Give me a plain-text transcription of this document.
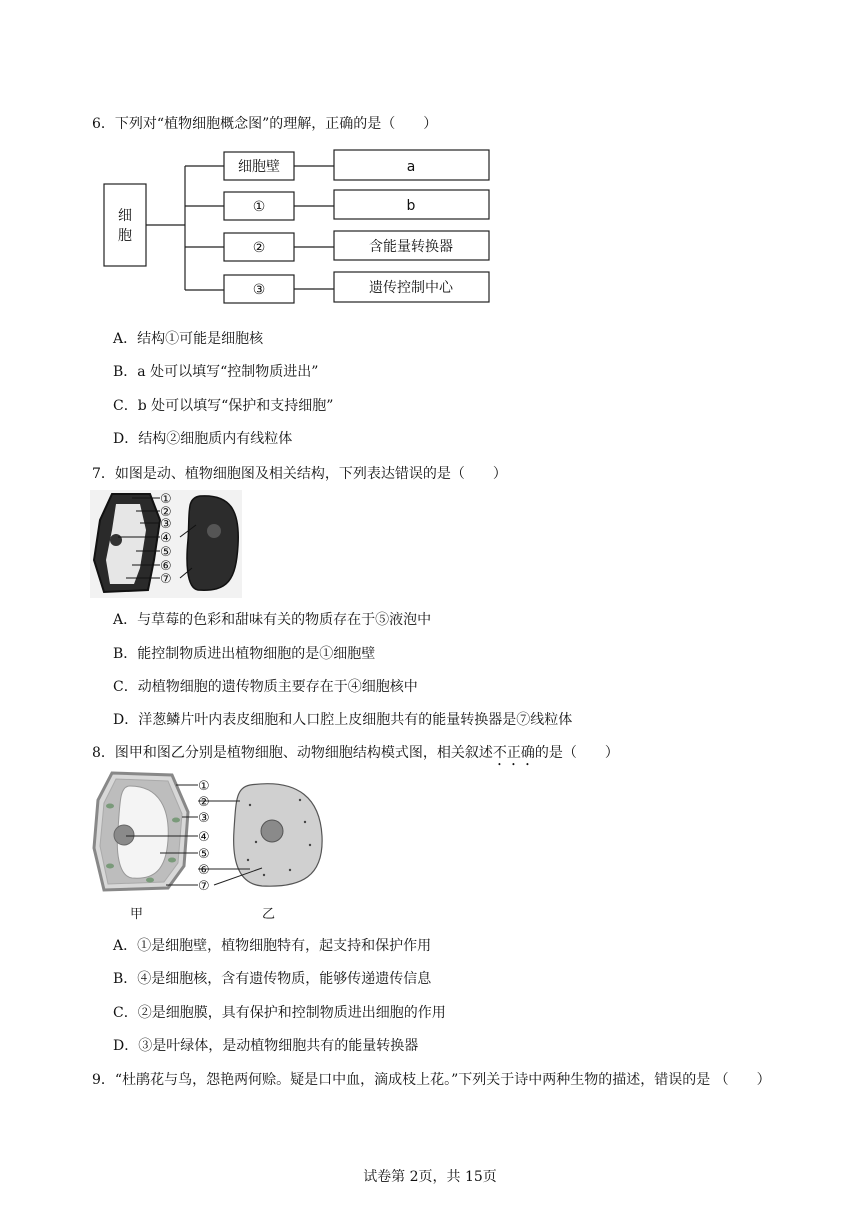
6．下列对“植物细胞概念图”的理解，正确的是（　　）
细
胞
细胞壁
①
②
③
a
b
含能量转换器
遗传控制中心
A．结构①可能是细胞核
B．a 处可以填写“控制物质进出”
C．b 处可以填写“保护和支持细胞”
D．结构②细胞质内有线粒体
7．如图是动、植物细胞图及相关结构，下列表达错误的是（　　）
①
②
③
④
⑤
⑥
⑦
A．与草莓的色彩和甜味有关的物质存在于⑤液泡中
B．能控制物质进出植物细胞的是①细胞壁
C．动植物细胞的遗传物质主要存在于④细胞核中
D．洋葱鳞片叶内表皮细胞和人口腔上皮细胞共有的能量转换器是⑦线粒体
8．图甲和图乙分别是植物细胞、动物细胞结构模式图，相关叙述不正确的是（　　）
①
②
③
④
⑤
⑥
⑦
甲	乙
A．①是细胞壁，植物细胞特有，起支持和保护作用
B．④是细胞核，含有遗传物质，能够传递遗传信息
C．②是细胞膜，具有保护和控制物质进出细胞的作用
D．③是叶绿体，是动植物细胞共有的能量转换器
9．“杜鹃花与鸟，怨艳两何赊。疑是口中血，滴成枝上花。”下列关于诗中两种生物的描述，错误的是 （　　）
试卷第 2页，共 15页
